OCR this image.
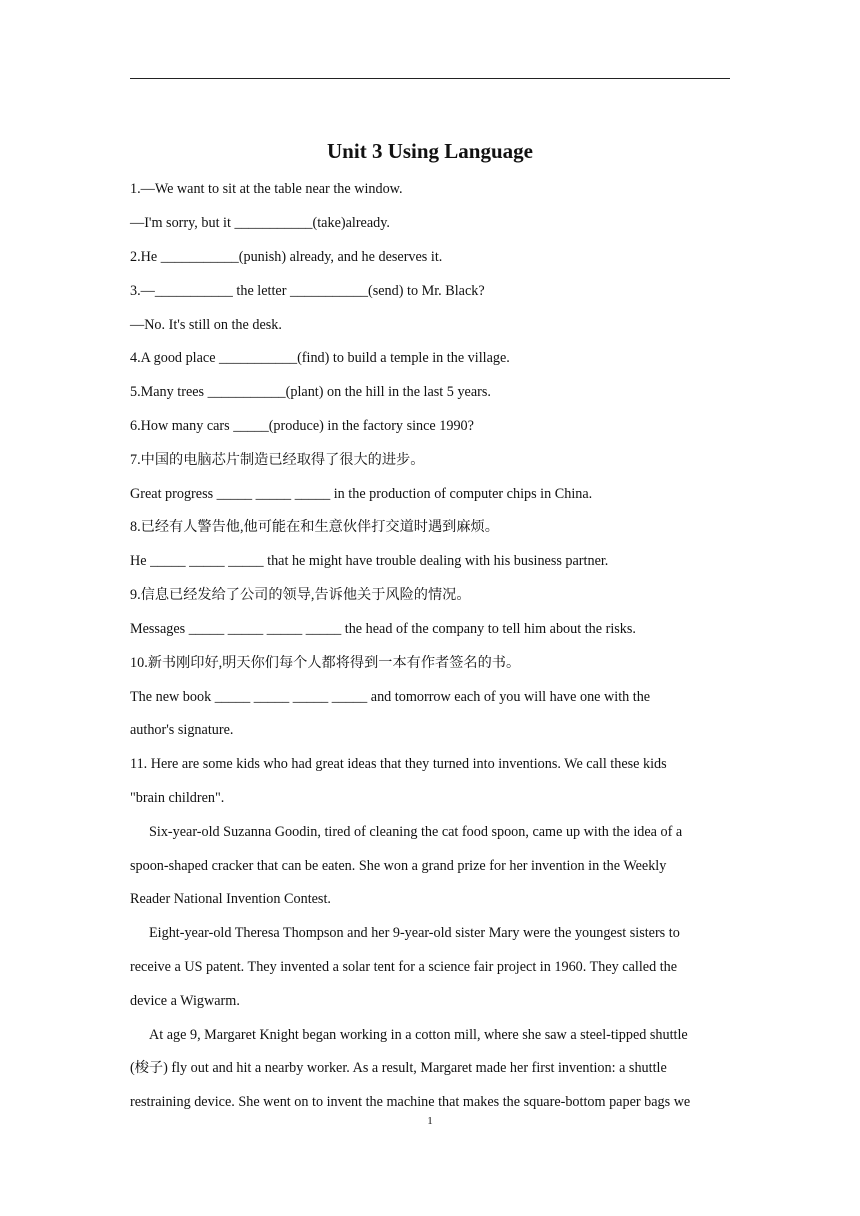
Unit 3 Using Language
1.—We want to sit at the table near the window.
—I'm sorry, but it ___________(take)already.
2.He ___________(punish) already, and he deserves it.
3.—___________ the letter ___________(send) to Mr. Black?
—No. It's still on the desk.
4.A good place ___________(find) to build a temple in the village.
5.Many trees ___________(plant) on the hill in the last 5 years.
6.How many cars _____(produce) in the factory since 1990?
7.中国的电脑芯片制造已经取得了很大的进步。
Great progress _____ _____ _____ in the production of computer chips in China.
8.已经有人警告他,他可能在和生意伙伴打交道时遇到麻烦。
He _____ _____ _____ that he might have trouble dealing with his business partner.
9.信息已经发给了公司的领导,告诉他关于风险的情况。
Messages _____ _____ _____ _____ the head of the company to tell him about the risks.
10.新书刚印好,明天你们每个人都将得到一本有作者签名的书。
The new book _____ _____ _____ _____ and tomorrow each of you will have one with the
author's signature.
11. Here are some kids who had great ideas that they turned into inventions. We call these kids
"brain children".
Six-year-old Suzanna Goodin, tired of cleaning the cat food spoon, came up with the idea of a
spoon-shaped cracker that can be eaten. She won a grand prize for her invention in the Weekly
Reader National Invention Contest.
Eight-year-old Theresa Thompson and her 9-year-old sister Mary were the youngest sisters to
receive a US patent. They invented a solar tent for a science fair project in 1960. They called the
device a Wigwarm.
At age 9, Margaret Knight began working in a cotton mill, where she saw a steel-tipped shuttle
(梭子) fly out and hit a nearby worker. As a result, Margaret made her first invention: a shuttle
restraining device. She went on to invent the machine that makes the square-bottom paper bags we
1
